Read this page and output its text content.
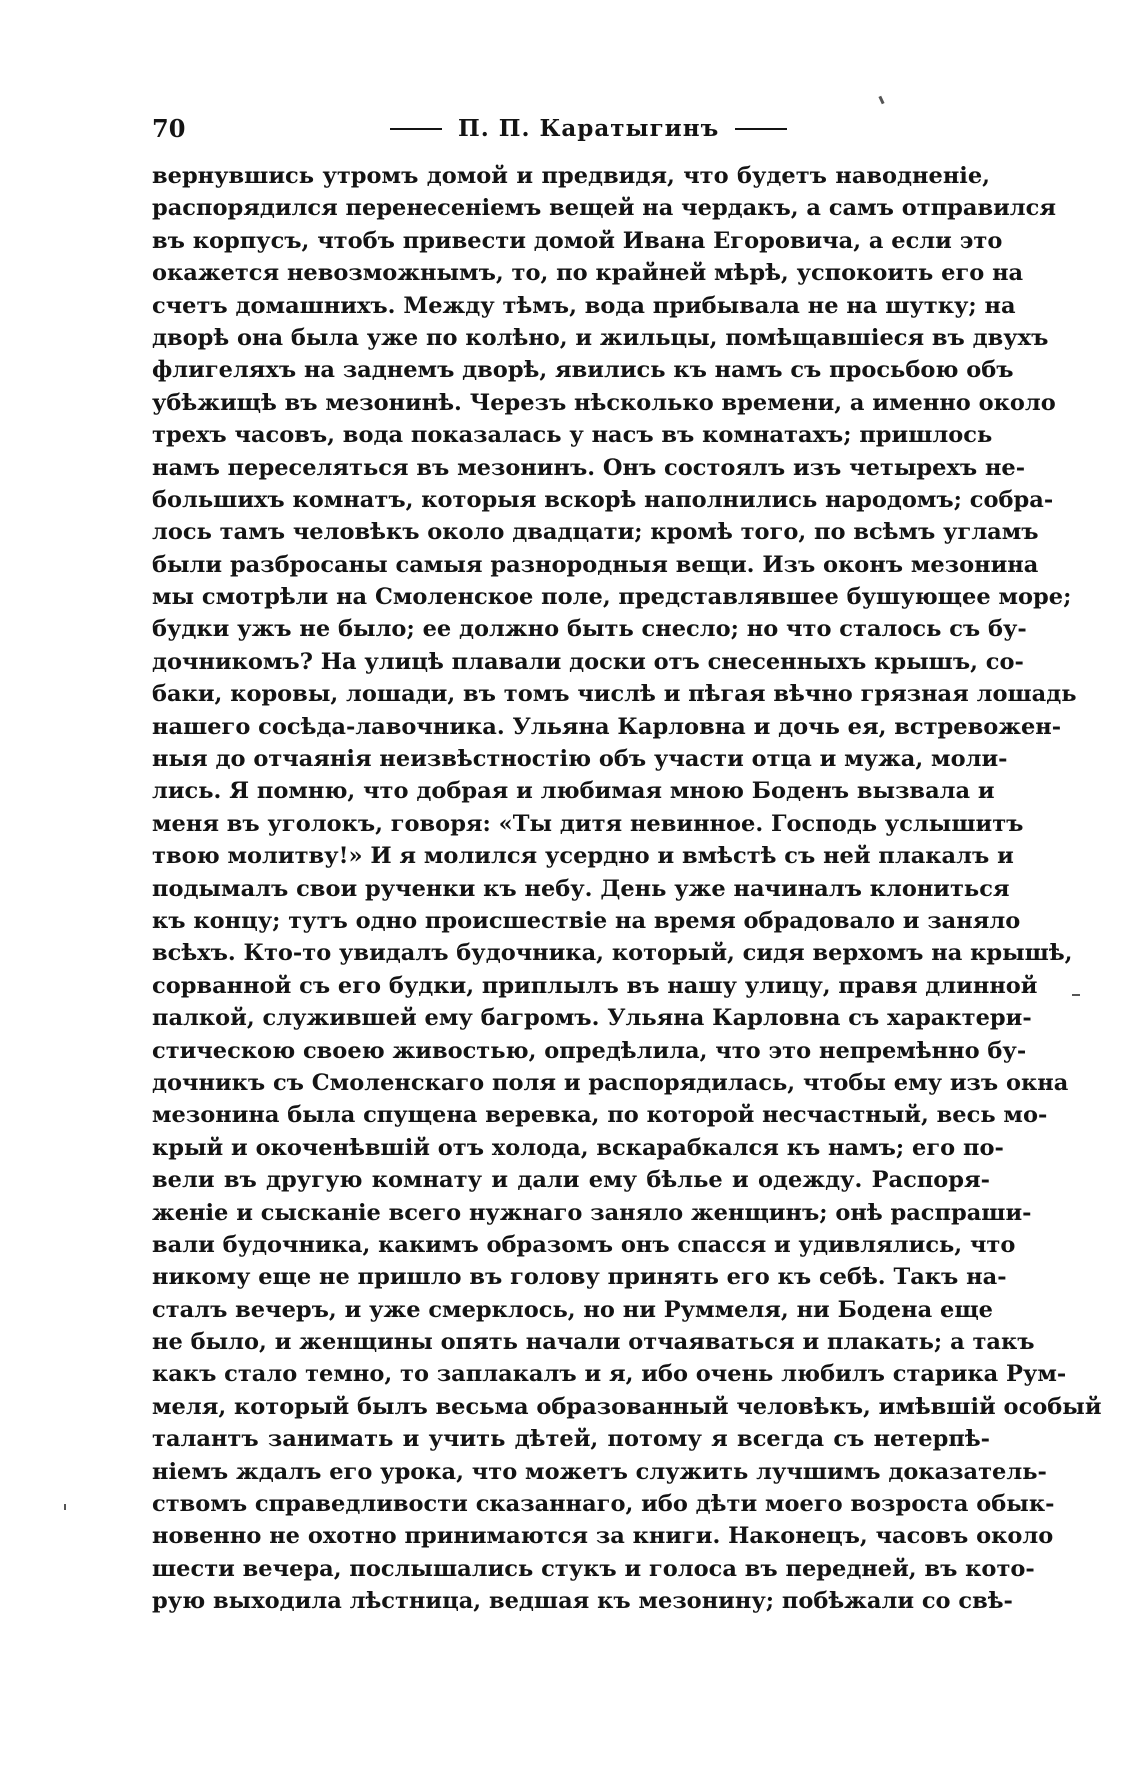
70	П. П. Каратыгинъ
вернувшись утромъ домой и предвидя, что будетъ наводненіе,
распорядился перенесеніемъ вещей на чердакъ, а самъ отправился
въ корпусъ, чтобъ привести домой Ивана Егоровича, а если это
окажется невозможнымъ, то, по крайней мѣрѣ, успокоить его на
счетъ домашнихъ. Между тѣмъ, вода прибывала не на шутку; на
дворѣ она была уже по колѣно, и жильцы, помѣщавшіеся въ двухъ
флигеляхъ на заднемъ дворѣ, явились къ намъ съ просьбою объ
убѣжищѣ въ мезонинѣ. Черезъ нѣсколько времени, а именно около
трехъ часовъ, вода показалась у насъ въ комнатахъ; пришлось
намъ переселяться въ мезонинъ. Онъ состоялъ изъ четырехъ не-
большихъ комнатъ, которыя вскорѣ наполнились народомъ; собра-
лось тамъ человѣкъ около двадцати; кромѣ того, по всѣмъ угламъ
были разбросаны самыя разнородныя вещи. Изъ оконъ мезонина
мы смотрѣли на Смоленское поле, представлявшее бушующее море;
будки ужъ не было; ее должно быть снесло; но что сталось съ бу-
дочникомъ? На улицѣ плавали доски отъ снесенныхъ крышъ, со-
баки, коровы, лошади, въ томъ числѣ и пѣгая вѣчно грязная лошадь
нашего сосѣда-лавочника. Ульяна Карловна и дочь ея, встревожен-
ныя до отчаянія неизвѣстностію объ участи отца и мужа, моли-
лись. Я помню, что добрая и любимая мною Боденъ вызвала и
меня въ уголокъ, говоря: «Ты дитя невинное. Господь услышитъ
твою молитву!» И я молился усердно и вмѣстѣ съ ней плакалъ и
подымалъ свои рученки къ небу. День уже начиналъ клониться
къ концу; тутъ одно происшествіе на время обрадовало и заняло
всѣхъ. Кто-то увидалъ будочника, который, сидя верхомъ на крышѣ,
сорванной съ его будки, приплылъ въ нашу улицу, правя длинной
палкой, служившей ему багромъ. Ульяна Карловна съ характери-
стическою своею живостью, опредѣлила, что это непремѣнно бу-
дочникъ съ Смоленскаго поля и распорядилась, чтобы ему изъ окна
мезонина была спущена веревка, по которой несчастный, весь мо-
крый и окоченѣвшій отъ холода, вскарабкался къ намъ; его по-
вели въ другую комнату и дали ему бѣлье и одежду. Распоря-
женіе и сысканіе всего нужнаго заняло женщинъ; онѣ распраши-
вали будочника, какимъ образомъ онъ спасся и удивлялись, что
никому еще не пришло въ голову принять его къ себѣ. Такъ на-
сталъ вечеръ, и уже смерклось, но ни Руммеля, ни Бодена еще
не было, и женщины опять начали отчаяваться и плакать; а такъ
какъ стало темно, то заплакалъ и я, ибо очень любилъ старика Рум-
меля, который былъ весьма образованный человѣкъ, имѣвшій особый
талантъ занимать и учить дѣтей, потому я всегда съ нетерпѣ-
ніемъ ждалъ его урока, что можетъ служить лучшимъ доказатель-
ствомъ справедливости сказаннаго, ибо дѣти моего возроста обык-
новенно не охотно принимаются за книги. Наконецъ, часовъ около
шести вечера, послышались стукъ и голоса въ передней, въ кото-
рую выходила лѣстница, ведшая къ мезонину; побѣжали со свѣ-
